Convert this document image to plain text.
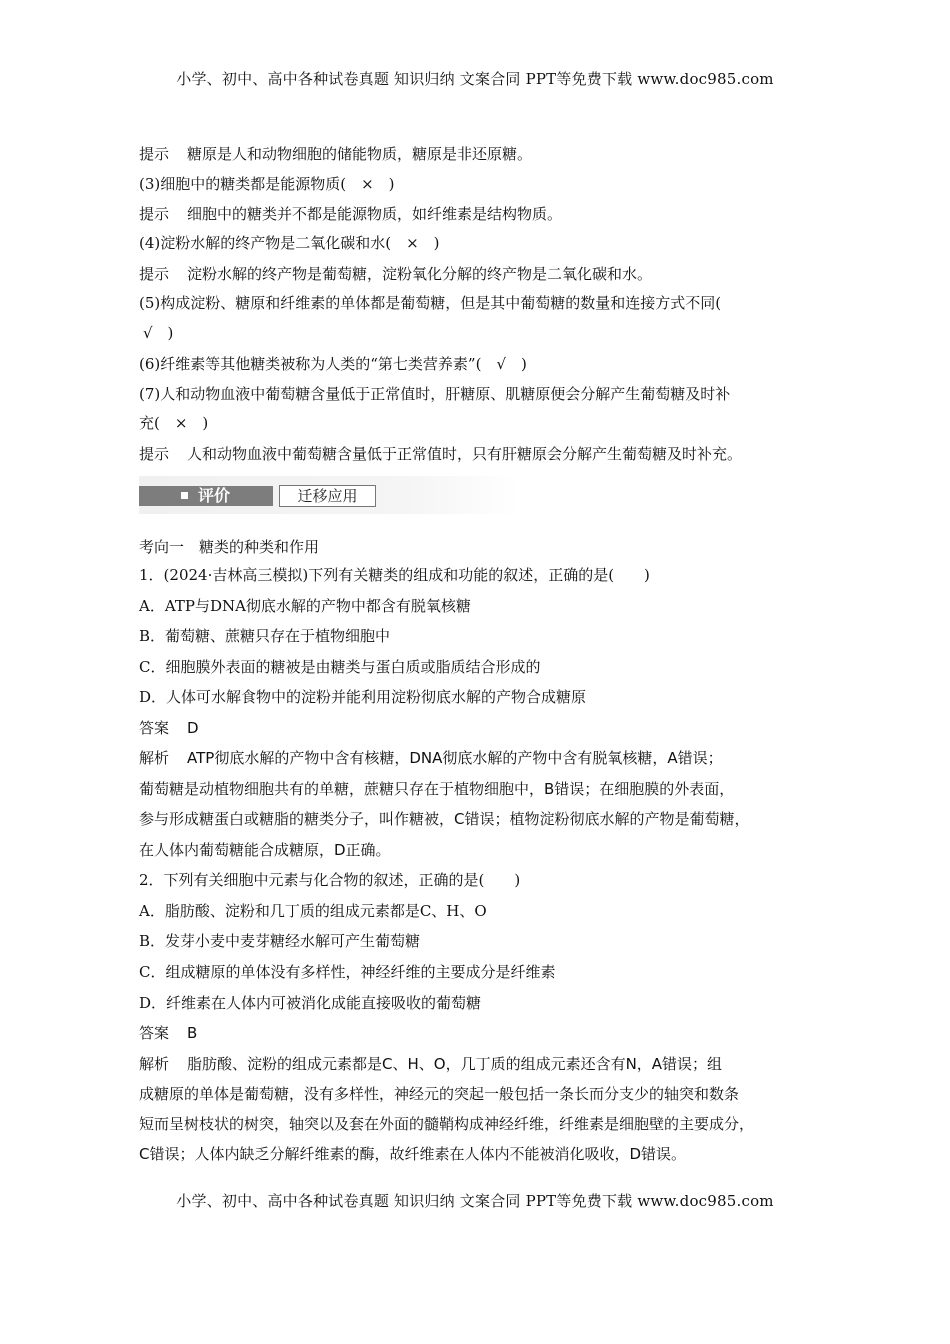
小学、初中、高中各种试卷真题 知识归纳 文案合同 PPT等免费下载 www.doc985.com
提示 糖原是人和动物细胞的储能物质，糖原是非还原糖。
(3)细胞中的糖类都是能源物质(　×　)
提示 细胞中的糖类并不都是能源物质，如纤维素是结构物质。
(4)淀粉水解的终产物是二氧化碳和水(　×　)
提示 淀粉水解的终产物是葡萄糖，淀粉氧化分解的终产物是二氧化碳和水。
(5)构成淀粉、糖原和纤维素的单体都是葡萄糖，但是其中葡萄糖的数量和连接方式不同(
√　)
(6)纤维素等其他糖类被称为人类的“第七类营养素”(　√　)
(7)人和动物血液中葡萄糖含量低于正常值时，肝糖原、肌糖原便会分解产生葡萄糖及时补
充(　×　)
提示 人和动物血液中葡萄糖含量低于正常值时，只有肝糖原会分解产生葡萄糖及时补充。
评价	迁移应用
考向一　糖类的种类和作用
1．(2024·吉林高三模拟)下列有关糖类的组成和功能的叙述，正确的是(　　)
A．ATP与DNA彻底水解的产物中都含有脱氧核糖
B．葡萄糖、蔗糖只存在于植物细胞中
C．细胞膜外表面的糖被是由糖类与蛋白质或脂质结合形成的
D．人体可水解食物中的淀粉并能利用淀粉彻底水解的产物合成糖原
答案 D
解析 ATP彻底水解的产物中含有核糖，DNA彻底水解的产物中含有脱氧核糖，A错误；
葡萄糖是动植物细胞共有的单糖，蔗糖只存在于植物细胞中，B错误；在细胞膜的外表面，
参与形成糖蛋白或糖脂的糖类分子，叫作糖被，C错误；植物淀粉彻底水解的产物是葡萄糖，
在人体内葡萄糖能合成糖原，D正确。
2．下列有关细胞中元素与化合物的叙述，正确的是(　　)
A．脂肪酸、淀粉和几丁质的组成元素都是C、H、O
B．发芽小麦中麦芽糖经水解可产生葡萄糖
C．组成糖原的单体没有多样性，神经纤维的主要成分是纤维素
D．纤维素在人体内可被消化成能直接吸收的葡萄糖
答案 B
解析 脂肪酸、淀粉的组成元素都是C、H、O，几丁质的组成元素还含有N，A错误；组
成糖原的单体是葡萄糖，没有多样性，神经元的突起一般包括一条长而分支少的轴突和数条
短而呈树枝状的树突，轴突以及套在外面的髓鞘构成神经纤维，纤维素是细胞壁的主要成分，
C错误；人体内缺乏分解纤维素的酶，故纤维素在人体内不能被消化吸收，D错误。
小学、初中、高中各种试卷真题 知识归纳 文案合同 PPT等免费下载 www.doc985.com
